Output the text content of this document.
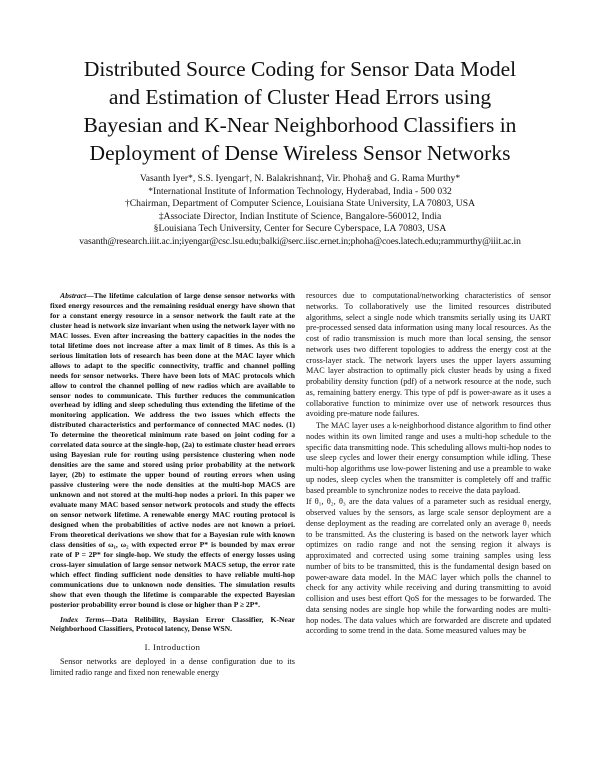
Distributed Source Coding for Sensor Data Model
and Estimation of Cluster Head Errors using
Bayesian and K-Near Neighborhood Classifiers in
Deployment of Dense Wireless Sensor Networks
Vasanth Iyer*, S.S. Iyengar†, N. Balakrishnan‡, Vir. Phoha§ and G. Rama Murthy*
*International Institute of Information Technology, Hyderabad, India - 500 032
†Chairman, Department of Computer Science, Louisiana State University, LA 70803, USA
‡Associate Director, Indian Institute of Science, Bangalore-560012, India
§Louisiana Tech University, Center for Secure Cyberspace, LA 70803, USA
vasanth@research.iiit.ac.in;iyengar@csc.lsu.edu;balki@serc.iisc.ernet.in;phoha@coes.latech.edu;rammurthy@iiit.ac.in

Abstract—The lifetime calculation of large dense sensor networks with fixed energy resources and the remaining residual energy have shown that for a constant energy resource in a sensor network the fault rate at the cluster head is network size invariant when using the network layer with no MAC losses. Even after increasing the battery capacities in the nodes the total lifetime does not increase after a max limit of 8 times. As this is a serious limitation lots of research has been done at the MAC layer which allows to adapt to the specific connectivity, traffic and channel polling needs for sensor networks. There have been lots of MAC protocols which allow to control the channel polling of new radios which are available to sensor nodes to communicate. This further reduces the communication overhead by idling and sleep scheduling thus extending the lifetime of the monitoring application. We address the two issues which effects the distributed characteristics and performance of connected MAC nodes. (1) To determine the theoretical minimum rate based on joint coding for a correlated data source at the single-hop, (2a) to estimate cluster head errors using Bayesian rule for routing using persistence clustering when node densities are the same and stored using prior probability at the network layer, (2b) to estimate the upper bound of routing errors when using passive clustering were the node densities at the multi-hop MACS are unknown and not stored at the multi-hop nodes a priori. In this paper we evaluate many MAC based sensor network protocols and study the effects on sensor network lifetime. A renewable energy MAC routing protocol is designed when the probabilities of active nodes are not known a priori. From theoretical derivations we show that for a Bayesian rule with known class densities of ω₁, ω₂ with expected error P* is bounded by max error rate of P = 2P* for single-hop. We study the effects of energy losses using cross-layer simulation of large sensor network MACS setup, the error rate which effect finding sufficient node densities to have reliable multi-hop communications due to unknown node densities. The simulation results show that even though the lifetime is comparable the expected Bayesian posterior probability error bound is close or higher than P ≥ 2P*.

Index Terms—Data Relibility, Baysian Error Classifier, K-Near Neighborhood Classifiers, Protocol latency, Dense WSN.

I. Introduction

Sensor networks are deployed in a dense configuration due to its limited radio range and fixed non renewable energy

resources due to computational/networking characteristics of sensor networks. To collaboratively use the limited resources distributed algorithms, select a single node which transmits serially using its UART pre-processed sensed data information using many local resources. As the cost of radio transmission is much more than local sensing, the sensor network uses two different topologies to address the energy cost at the cross-layer stack. The network layers uses the upper layers assuming MAC layer abstraction to optimally pick cluster heads by using a fixed probability density function (pdf) of a network resource at the node, such as, remaining battery energy. This type of pdf is power-aware as it uses a collaborative function to minimize over use of network resources thus avoiding pre-mature node failures.

The MAC layer uses a k-neighborhood distance algorithm to find other nodes within its own limited range and uses a multi-hop schedule to the specific data transmitting node. This scheduling allows multi-hop nodes to use sleep cycles and lower their energy consumption while idling. These multi-hop algorithms use low-power listening and use a preamble to wake up nodes, sleep cycles when the transmitter is completely off and traffic based preamble to synchronize nodes to receive the data payload.

If θ₁, θ₂, θ₃ are the data values of a parameter such as residual energy, observed values by the sensors, as large scale sensor deployment are a dense deployment as the reading are correlated only an average θ₁ needs to be transmitted. As the clustering is based on the network layer which optimizes on radio range and not the sensing region it always is approximated and corrected using some training samples using less number of bits to be transmitted, this is the fundamental design based on power-aware data model. In the MAC layer which polls the channel to check for any activity while receiving and during transmitting to avoid collision and uses best effort QoS for the messages to be forwarded. The data sensing nodes are single hop while the forwarding nodes are multi-hop nodes. The data values which are forwarded are discrete and updated according to some trend in the data. Some measured values may be
